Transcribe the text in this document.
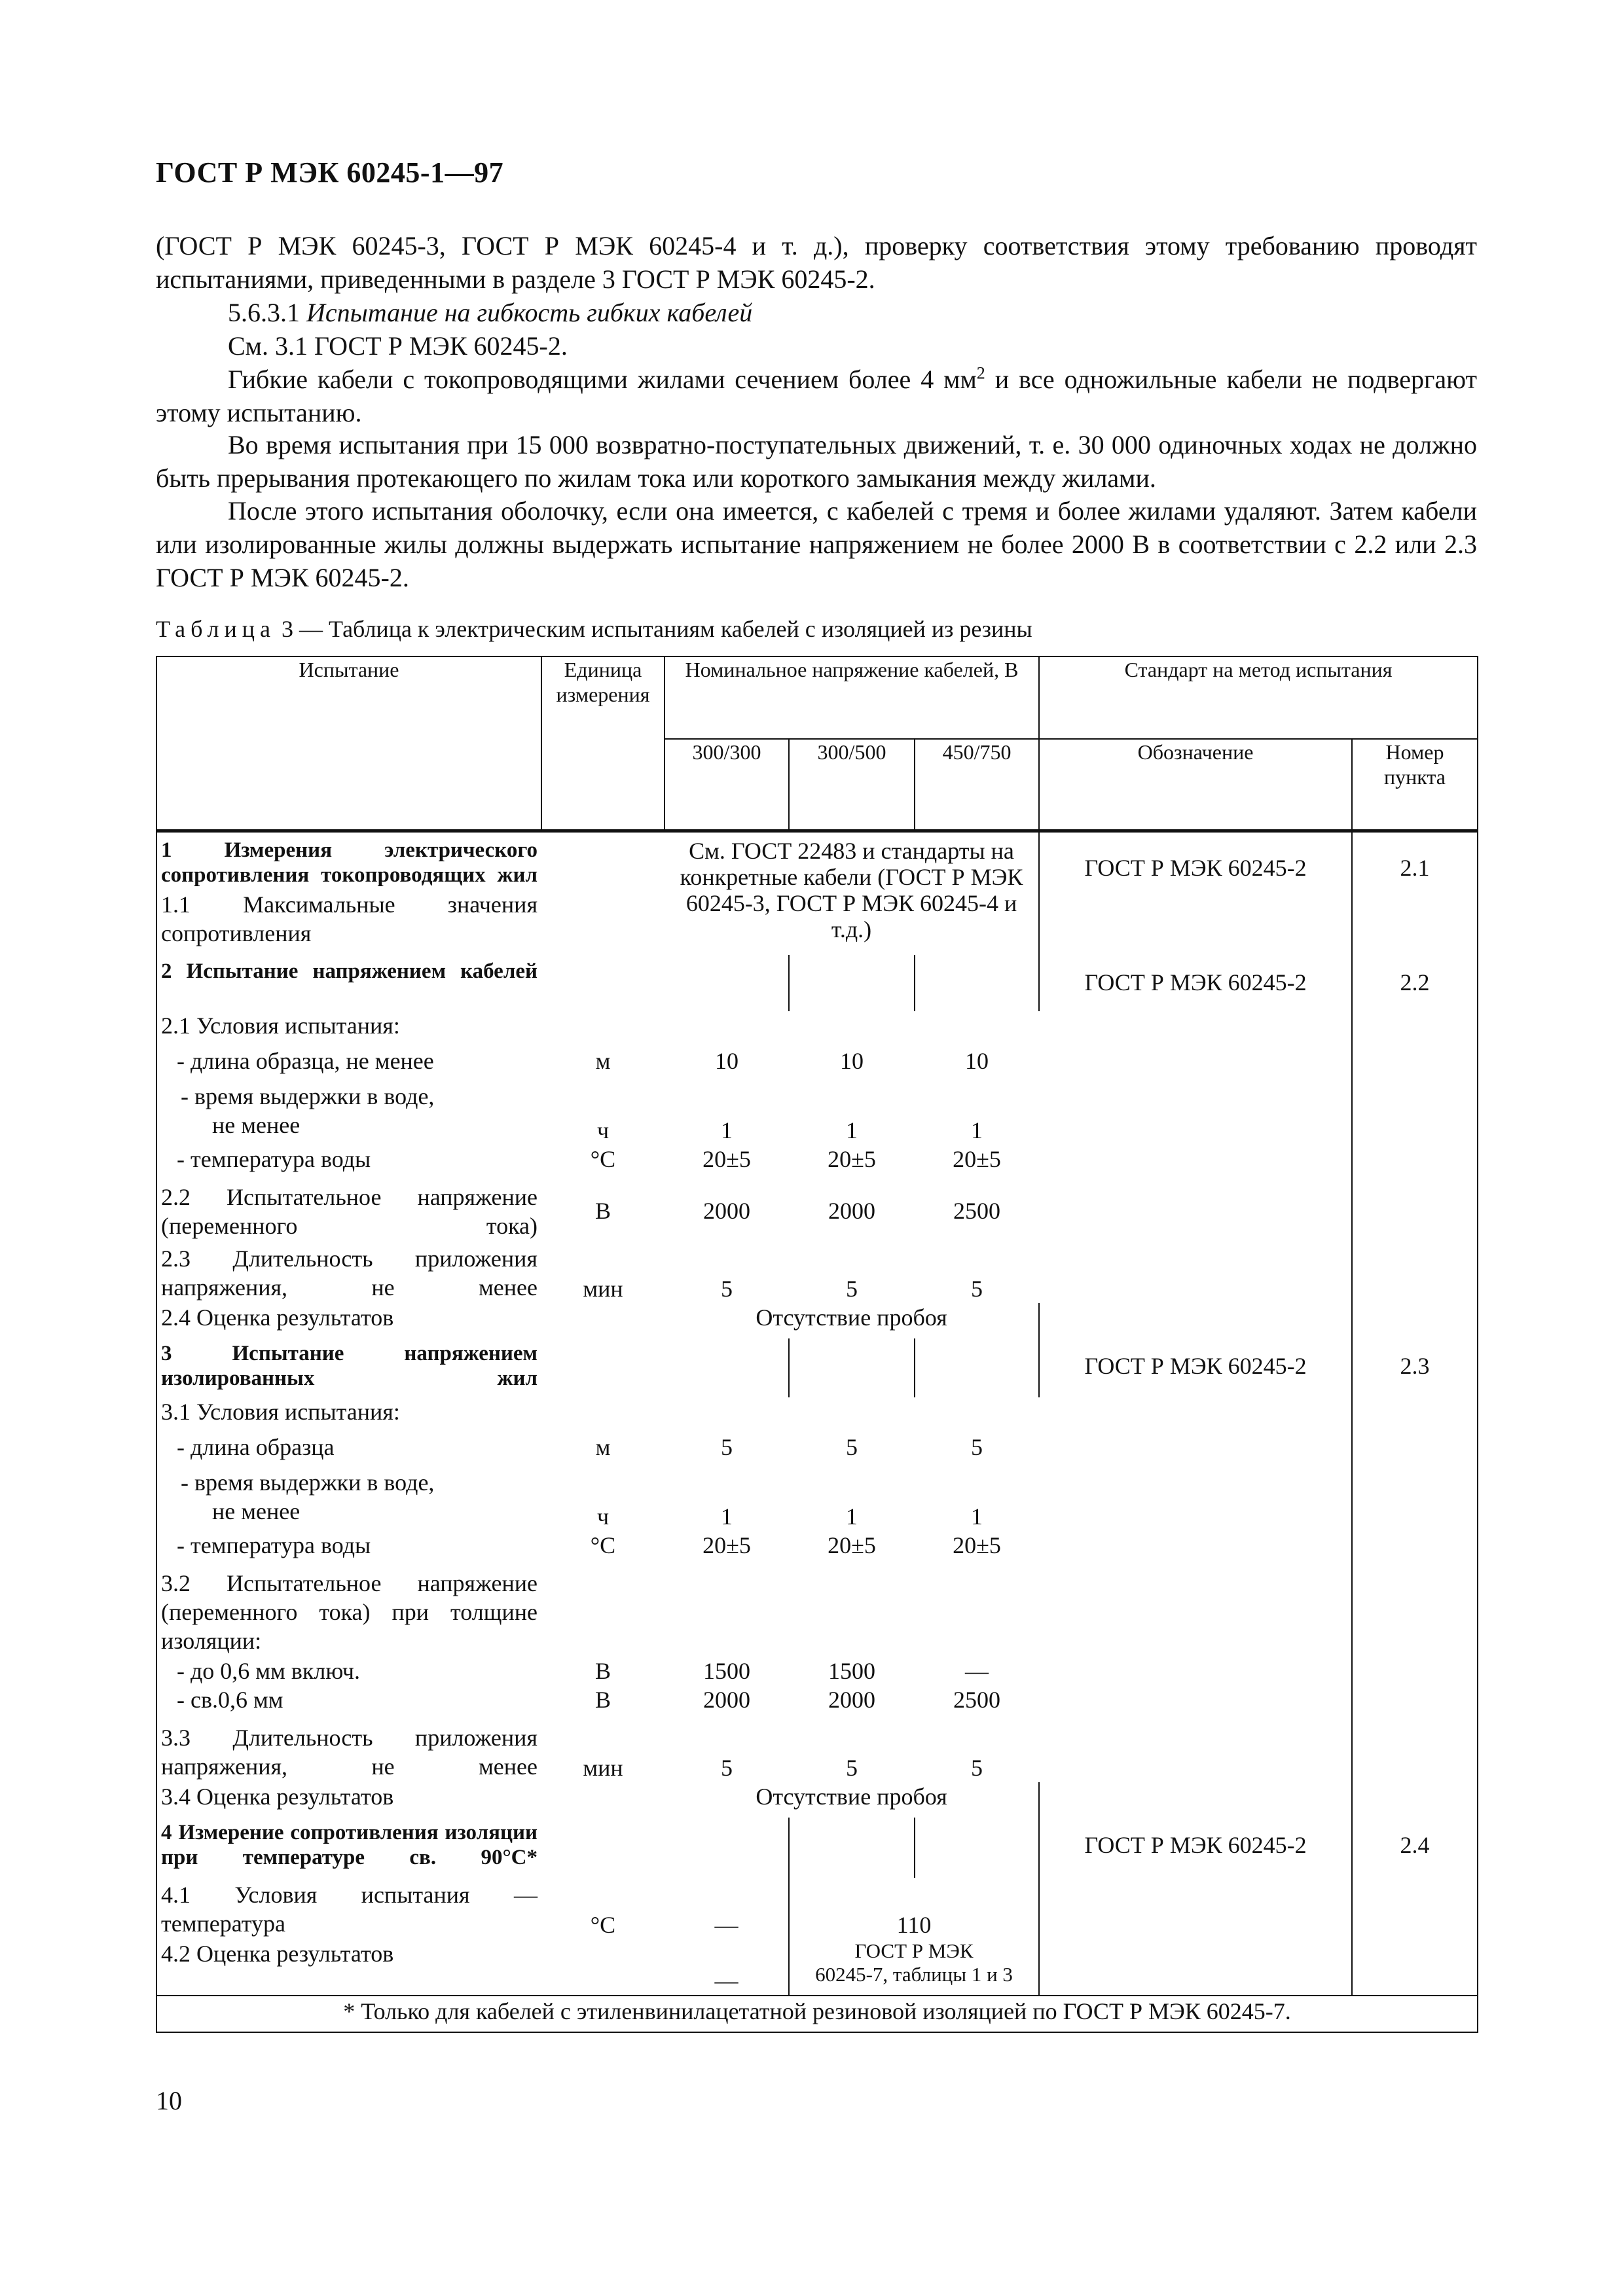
ГОСТ Р МЭК 60245-1—97

(ГОСТ Р МЭК 60245-3, ГОСТ Р МЭК 60245-4 и т. д.), проверку соответствия этому требованию проводят испытаниями, приведенными в разделе 3 ГОСТ Р МЭК 60245-2.

5.6.3.1 Испытание на гибкость гибких кабелей

См. 3.1 ГОСТ Р МЭК 60245-2.

Гибкие кабели с токопроводящими жилами сечением более 4 $мм^2$ и все одножильные кабели не подвергают этому испытанию.

Во время испытания при 15 000 возвратно-поступательных движений, т. е. 30 000 одиночных ходах не должно быть прерывания протекающего по жилам тока или короткого замыкания между жилами.

После этого испытания оболочку, если она имеется, с кабелей с тремя и более жилами удаляют. Затем кабели или изолированные жилы должны выдержать испытание напряжением не более 2000 В в соответствии с 2.2 или 2.3 ГОСТ Р МЭК 60245-2.

Таблица 3 — Таблица к электрическим испытаниям кабелей с изоляцией из резины
Испытание	Единица измерения	Номинальное напряжение кабелей, В			Стандарт на метод испытания	
		300/300	300/500	450/750	Обозначение	Номер пункта

1 Измерения электрического сопротивления токопроводящих жил
1.1 Максимальные значения сопротивления		См. ГОСТ 22483 и стандарты на конкретные кабели (ГОСТ Р МЭК 60245-3, ГОСТ Р МЭК 60245-4 и т.д.)			ГОСТ Р МЭК 60245-2	2.1
2 Испытание напряжением кабелей					ГОСТ Р МЭК 60245-2	2.2
2.1 Условия испытания:						
- длина образца, не менее	м	10	10	10		

- время выдержки в воде,
не менее	ч	1	1	1		
- температура воды	°С	20±5	20±5	20±5		
2.2 Испытательное напряжение (переменного тока)	В	2000	2000	2500		
2.3 Длительность приложения напряжения, не менее	мин	5	5	5		
2.4 Оценка результатов		Отсутствие пробоя				
3 Испытание напряжением изолированных жил					ГОСТ Р МЭК 60245-2	2.3
3.1 Условия испытания:						
- длина образца	м	5	5	5		

- время выдержки в воде,
не менее	ч	1	1	1		
- температура воды	°С	20±5	20±5	20±5		
3.2 Испытательное напряжение (переменного тока) при толщине изоляции:						
- до 0,6 мм включ.	В	1500	1500	—		
- св.0,6 мм	В	2000	2000	2500		
3.3 Длительность приложения напряжения, не менее	мин	5	5	5		
3.4 Оценка результатов		Отсутствие пробоя				
4 Измерение сопротивления изоляции при температуре св. 90°С*					ГОСТ Р МЭК 60245-2	2.4
4.1 Условия испытания — температура	°С	—	110			
4.2 Оценка результатов		—	ГОСТ Р МЭК
60245-7, таблицы 1 и 3			

* Только для кабелей с этиленвинилацетатной резиновой изоляцией по ГОСТ Р МЭК 60245-7.						
10
